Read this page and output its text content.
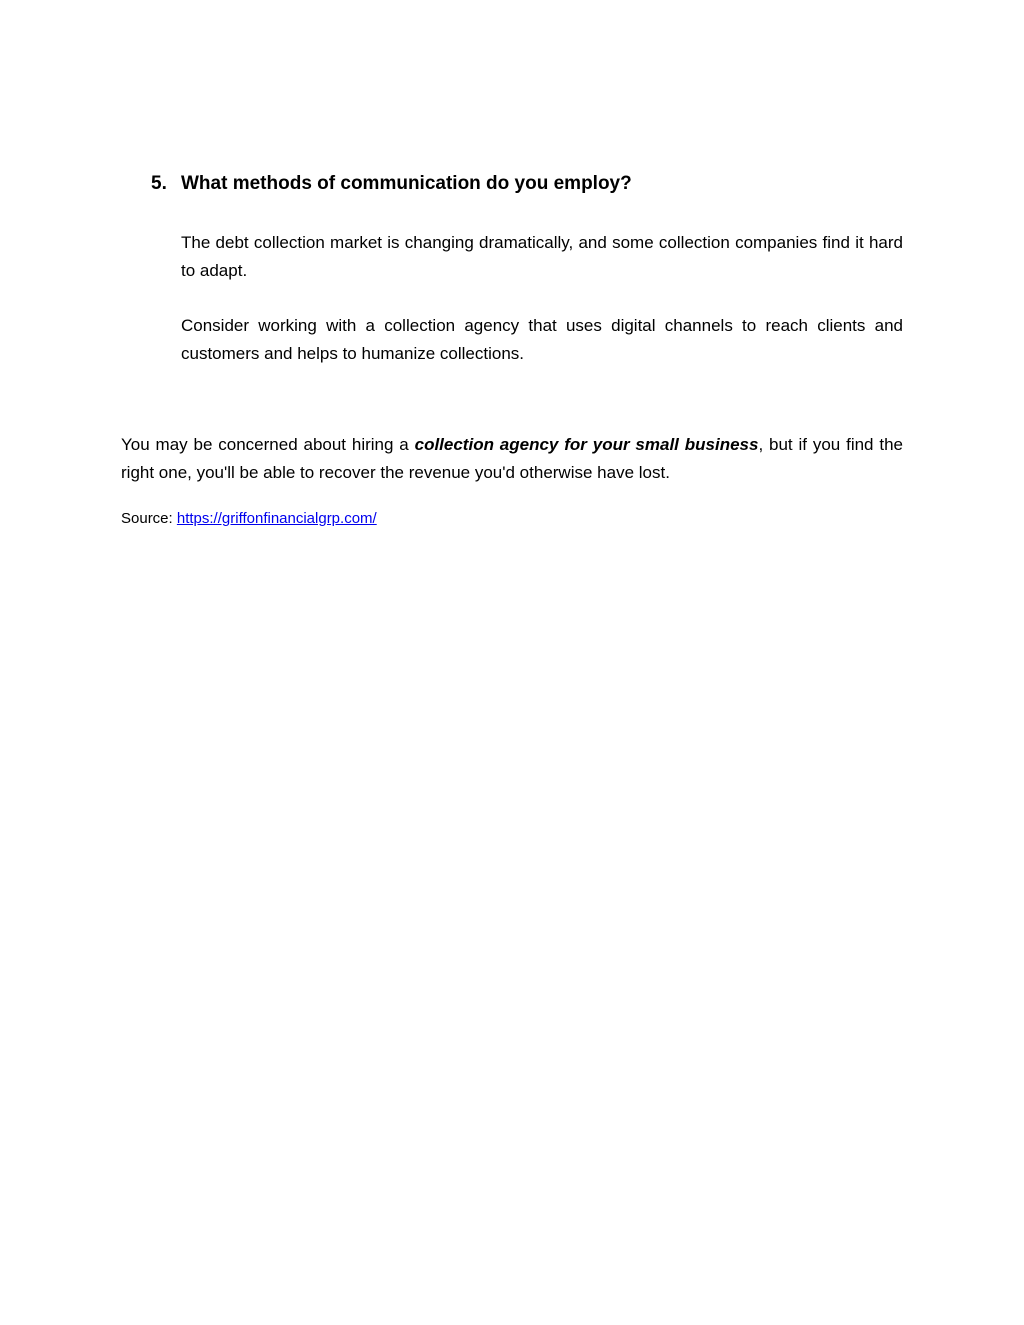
5. What methods of communication do you employ?
The debt collection market is changing dramatically, and some collection companies find it hard to adapt.
Consider working with a collection agency that uses digital channels to reach clients and customers and helps to humanize collections.
You may be concerned about hiring a collection agency for your small business, but if you find the right one, you'll be able to recover the revenue you'd otherwise have lost.
Source: https://griffonfinancialgrp.com/
